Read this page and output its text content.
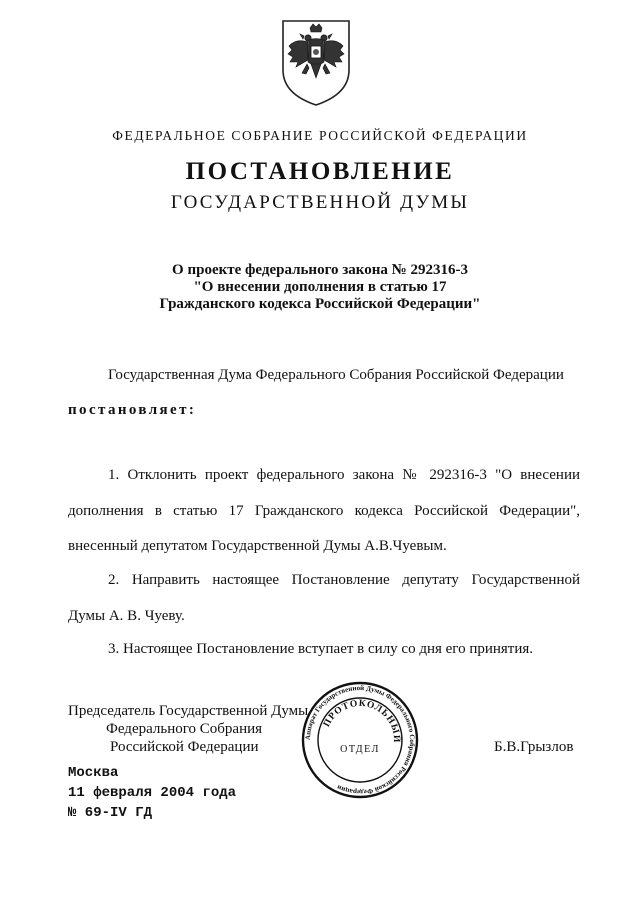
ФЕДЕРАЛЬНОЕ СОБРАНИЕ РОССИЙСКОЙ ФЕДЕРАЦИИ
ПОСТАНОВЛЕНИЕ
ГОСУДАРСТВЕННОЙ ДУМЫ
О проекте федерального закона № 292316-3
"О внесении дополнения в статью 17
Гражданского кодекса Российской Федерации"
Государственная Дума Федерального Собрания Российской Федерации
постановляет:
1. Отклонить проект федерального закона № 292316-3 "О внесении
дополнения в статью 17 Гражданского кодекса Российской Федерации",
внесенный депутатом Государственной Думы А.В.Чуевым.
2. Направить настоящее Постановление депутату Государственной
Думы А. В. Чуеву.
3. Настоящее Постановление вступает в силу со дня его принятия.
Председатель Государственной Думы
Федерального Собрания
Российской Федерации	Б.В.Грызлов
Аппарат Государственной Думы Федерального Собрания Российской Федерации
ПРОТОКОЛЬНЫЙ
ОТДЕЛ
Москва
11 февраля 2004 года
№ 69-IV ГД
